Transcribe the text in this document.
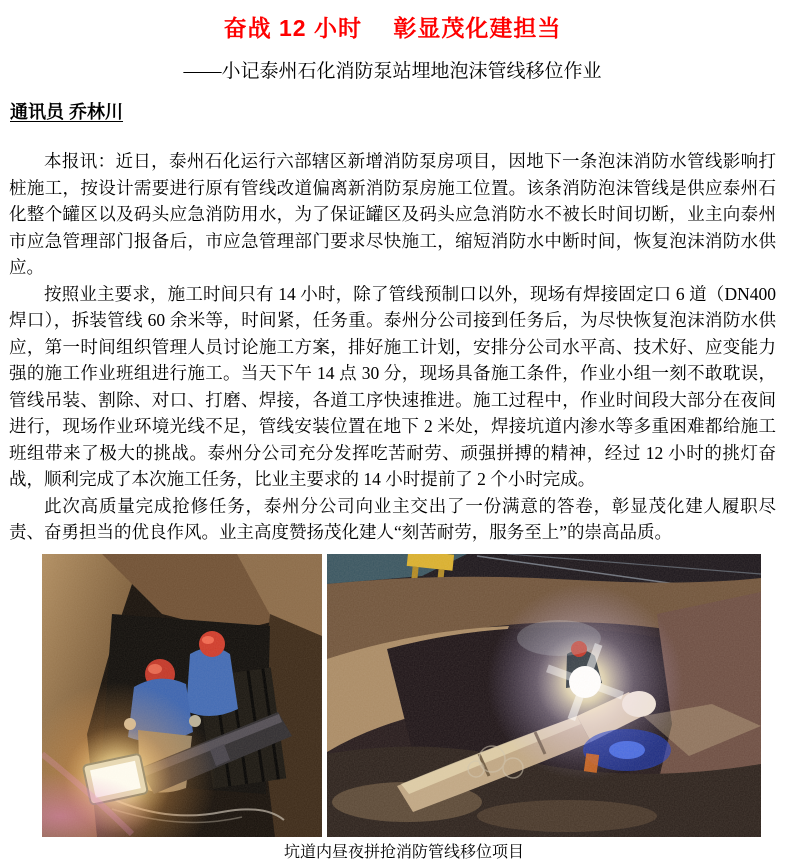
奋战 12 小时　 彰显茂化建担当
——小记泰州石化消防泵站埋地泡沫管线移位作业
通讯员 乔林川

本报讯：近日，泰州石化运行六部辖区新增消防泵房项目，因地下一条泡沫消防水管线影响打桩施工，按设计需要进行原有管线改道偏离新消防泵房施工位置。该条消防泡沫管线是供应泰州石化整个罐区以及码头应急消防用水，为了保证罐区及码头应急消防水不被长时间切断，业主向泰州市应急管理部门报备后，市应急管理部门要求尽快施工，缩短消防水中断时间，恢复泡沫消防水供应。

按照业主要求，施工时间只有 14 小时，除了管线预制口以外，现场有焊接固定口 6 道（DN400焊口），拆装管线 60 余米等，时间紧，任务重。泰州分公司接到任务后，为尽快恢复泡沫消防水供应，第一时间组织管理人员讨论施工方案，排好施工计划，安排分公司水平高、技术好、应变能力强的施工作业班组进行施工。当天下午 14 点 30 分，现场具备施工条件，作业小组一刻不敢耽误，管线吊装、割除、对口、打磨、焊接，各道工序快速推进。施工过程中，作业时间段大部分在夜间进行，现场作业环境光线不足，管线安装位置在地下 2 米处，焊接坑道内渗水等多重困难都给施工班组带来了极大的挑战。泰州分公司充分发挥吃苦耐劳、顽强拼搏的精神，经过 12 小时的挑灯奋战，顺利完成了本次施工任务，比业主要求的 14 小时提前了 2 个小时完成。

此次高质量完成抢修任务，泰州分公司向业主交出了一份满意的答卷，彰显茂化建人履职尽责、奋勇担当的优良作风。业主高度赞扬茂化建人“刻苦耐劳，服务至上”的崇高品质。

坑道内昼夜拼抢消防管线移位项目
